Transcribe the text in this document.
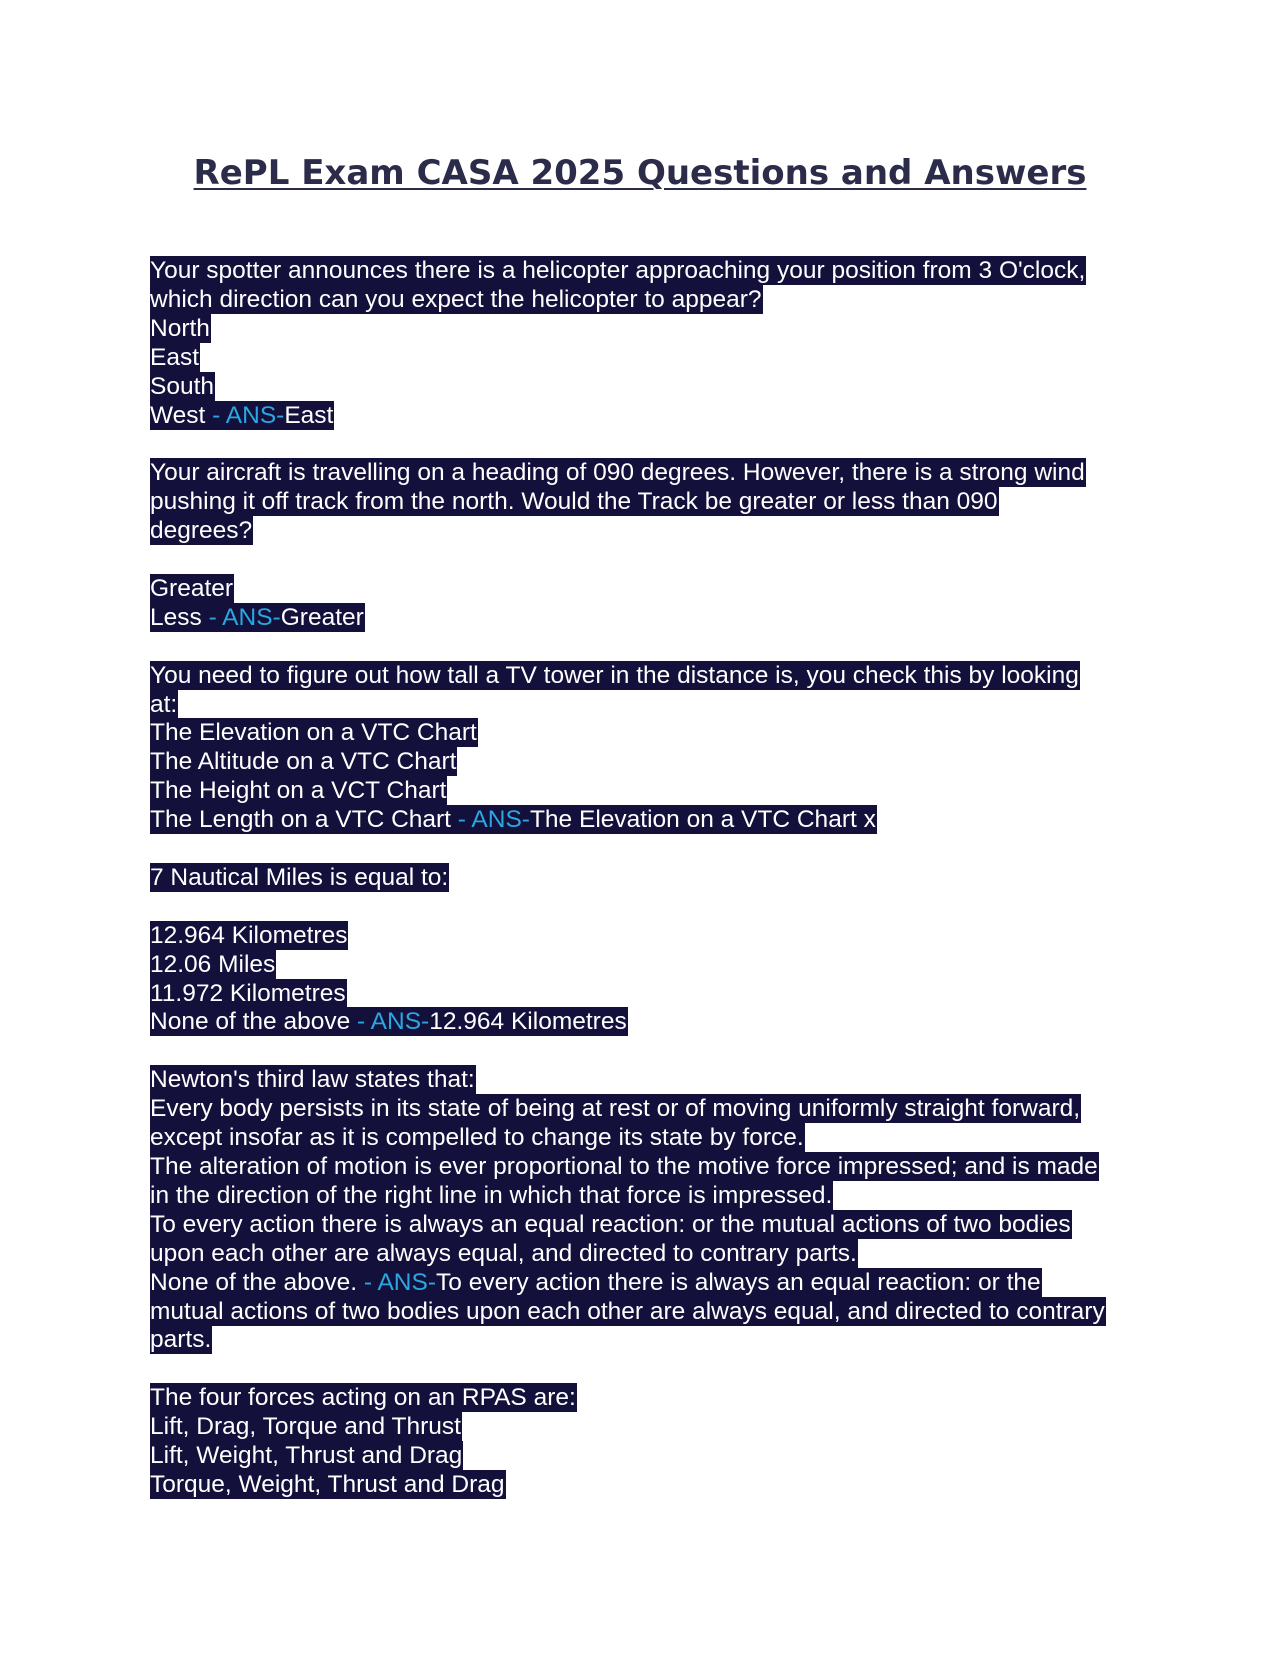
RePL Exam CASA 2025 Questions and Answers
Your spotter announces there is a helicopter approaching your position from 3 O'clock,
which direction can you expect the helicopter to appear?
North
East
South
West - ANS-East
Your aircraft is travelling on a heading of 090 degrees. However, there is a strong wind
pushing it off track from the north. Would the Track be greater or less than 090
degrees?
Greater
Less - ANS-Greater
You need to figure out how tall a TV tower in the distance is, you check this by looking
at:
The Elevation on a VTC Chart
The Altitude on a VTC Chart
The Height on a VCT Chart
The Length on a VTC Chart - ANS-The Elevation on a VTC Chart x
7 Nautical Miles is equal to:
12.964 Kilometres
12.06 Miles
11.972 Kilometres
None of the above - ANS-12.964 Kilometres
Newton's third law states that:
Every body persists in its state of being at rest or of moving uniformly straight forward,
except insofar as it is compelled to change its state by force.
The alteration of motion is ever proportional to the motive force impressed; and is made
in the direction of the right line in which that force is impressed.
To every action there is always an equal reaction: or the mutual actions of two bodies
upon each other are always equal, and directed to contrary parts.
None of the above. - ANS-To every action there is always an equal reaction: or the
mutual actions of two bodies upon each other are always equal, and directed to contrary
parts.
The four forces acting on an RPAS are:
Lift, Drag, Torque and Thrust
Lift, Weight, Thrust and Drag
Torque, Weight, Thrust and Drag
